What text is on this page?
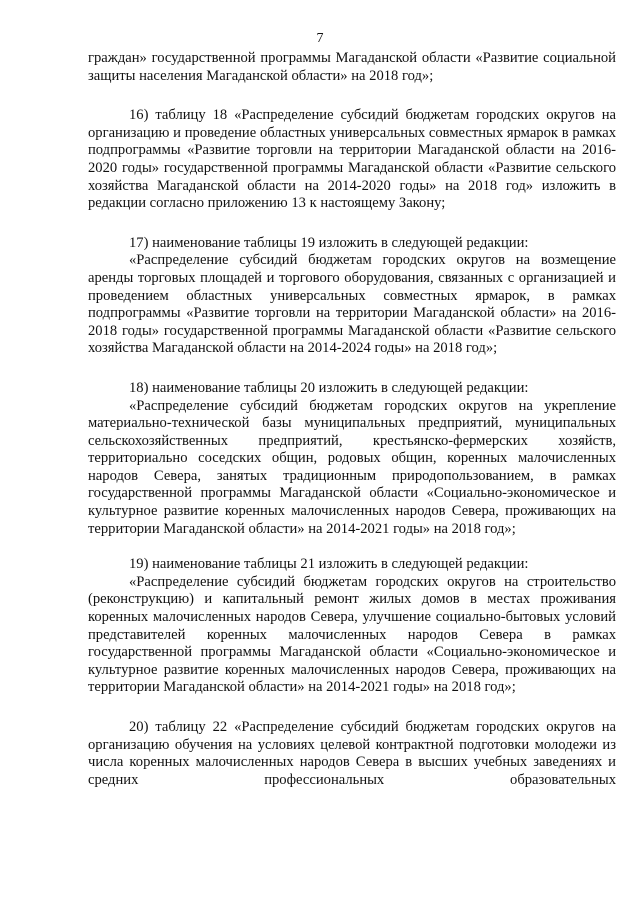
7

граждан» государственной программы Магаданской области «Развитие социальной защиты населения Магаданской области» на 2018 год»;

16) таблицу 18 «Распределение субсидий бюджетам городских округов на организацию и проведение областных универсальных совместных ярмарок в рамках подпрограммы «Развитие торговли на территории Магаданской области на 2016-2020 годы» государственной программы Магаданской области «Развитие сельского хозяйства Магаданской области на 2014-2020 годы» на 2018 год» изложить в редакции согласно приложению 13 к настоящему Закону;

17) наименование таблицы 19 изложить в следующей редакции:

«Распределение субсидий бюджетам городских округов на возмещение аренды торговых площадей и торгового оборудования, связанных с организацией и проведением областных универсальных совместных ярмарок, в рамках подпрограммы «Развитие торговли на территории Магаданской области» на 2016-2018 годы» государственной программы Магаданской области «Развитие сельского хозяйства Магаданской области на 2014-2024 годы» на 2018 год»;

18) наименование таблицы 20 изложить в следующей редакции:

«Распределение субсидий бюджетам городских округов на укрепление материально-технической базы муниципальных предприятий, муниципальных сельскохозяйственных предприятий, крестьянско-фермерских хозяйств, территориально соседских общин, родовых общин, коренных малочисленных народов Севера, занятых традиционным природопользованием, в рамках государственной программы Магаданской области «Социально-экономическое и культурное развитие коренных малочисленных народов Севера, проживающих на территории Магаданской области» на 2014-2021 годы» на 2018 год»;

19) наименование таблицы 21 изложить в следующей редакции:

«Распределение субсидий бюджетам городских округов на строительство (реконструкцию) и капитальный ремонт жилых домов в местах проживания коренных малочисленных народов Севера, улучшение социально-бытовых условий представителей коренных малочисленных народов Севера в рамках государственной программы Магаданской области «Социально-экономическое и культурное развитие коренных малочисленных народов Севера, проживающих на территории Магаданской области» на 2014-2021 годы» на 2018 год»;

20) таблицу 22 «Распределение субсидий бюджетам городских округов на организацию обучения на условиях целевой контрактной подготовки молодежи из числа коренных малочисленных народов Севера в высших учебных заведениях и средних профессиональных образовательных
